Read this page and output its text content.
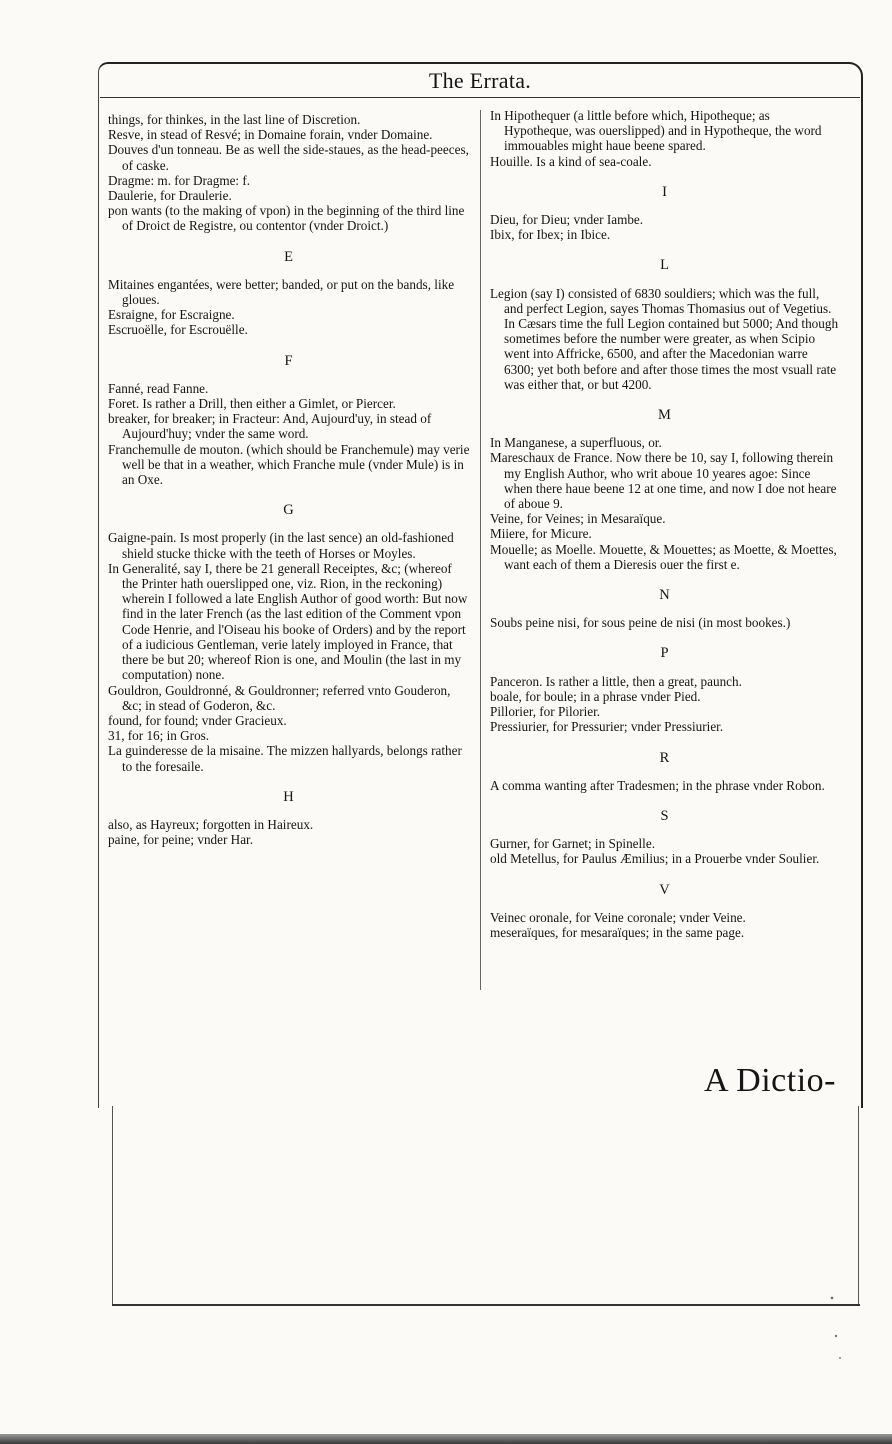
The Errata.

things, for thinkes, in the last line of Discretion.

Resve, in stead of Resvé; in Domaine forain, vnder Domaine.

Douves d'un tonneau. Be as well the side-staues, as the head-peeces, of caske.

Dragme: m. for Dragme: f.

Daulerie, for Draulerie.

pon wants (to the making of vpon) in the beginning of the third line of Droict de Registre, ou contentor (vnder Droict.)

E

Mitaines engantées, were better; banded, or put on the bands, like gloues.

Esraigne, for Escraigne.

Escruoëlle, for Escrouëlle.

F

Fanné, read Fanne.

Foret. Is rather a Drill, then either a Gimlet, or Piercer.

breaker, for breaker; in Fracteur: And, Aujourd'uy, in stead of Aujourd'huy; vnder the same word.

Franchemulle de mouton. (which should be Franchemule) may verie well be that in a weather, which Franche mule (vnder Mule) is in an Oxe.

G

Gaigne-pain. Is most properly (in the last sence) an old-fashioned shield stucke thicke with the teeth of Horses or Moyles.

In Generalité, say I, there be 21 generall Receiptes, &c; (whereof the Printer hath ouerslipped one, viz. Rion, in the reckoning) wherein I followed a late English Author of good worth: But now find in the later French (as the last edition of the Comment vpon Code Henrie, and l'Oiseau his booke of Orders) and by the report of a iudicious Gentleman, verie lately imployed in France, that there be but 20; whereof Rion is one, and Moulin (the last in my computation) none.

Gouldron, Gouldronné, & Gouldronner; referred vnto Gouderon, &c; in stead of Goderon, &c.

found, for found; vnder Gracieux.

31, for 16; in Gros.

La guinderesse de la misaine. The mizzen hallyards, belongs rather to the foresaile.

H

also, as Hayreux; forgotten in Haireux.

paine, for peine; vnder Har.

In Hipothequer (a little before which, Hipotheque; as Hypotheque, was ouerslipped) and in Hypotheque, the word immouables might haue beene spared.

Houille. Is a kind of sea-coale.

I

Dieu, for Dieu; vnder Iambe.

Ibix, for Ibex; in Ibice.

L

Legion (say I) consisted of 6830 souldiers; which was the full, and perfect Legion, sayes Thomas Thomasius out of Vegetius. In Cæsars time the full Legion contained but 5000; And though sometimes before the number were greater, as when Scipio went into Affricke, 6500, and after the Macedonian warre 6300; yet both before and after those times the most vsuall rate was either that, or but 4200.

M

In Manganese, a superfluous, or.

Mareschaux de France. Now there be 10, say I, following therein my English Author, who writ aboue 10 yeares agoe: Since when there haue beene 12 at one time, and now I doe not heare of aboue 9.

Veine, for Veines; in Mesaraïque.

Miiere, for Micure.

Mouelle; as Moelle. Mouette, & Mouettes; as Moette, & Moettes, want each of them a Dieresis ouer the first e.

N

Soubs peine nisi, for sous peine de nisi (in most bookes.)

P

Panceron. Is rather a little, then a great, paunch.

boale, for boule; in a phrase vnder Pied.

Pillorier, for Pilorier.

Pressiurier, for Pressurier; vnder Pressiurier.

R

A comma wanting after Tradesmen; in the phrase vnder Robon.

S

Gurner, for Garnet; in Spinelle.

old Metellus, for Paulus Æmilius; in a Prouerbe vnder Soulier.

V

Veinec oronale, for Veine coronale; vnder Veine.

meseraïques, for mesaraïques; in the same page.

A Dictio-
